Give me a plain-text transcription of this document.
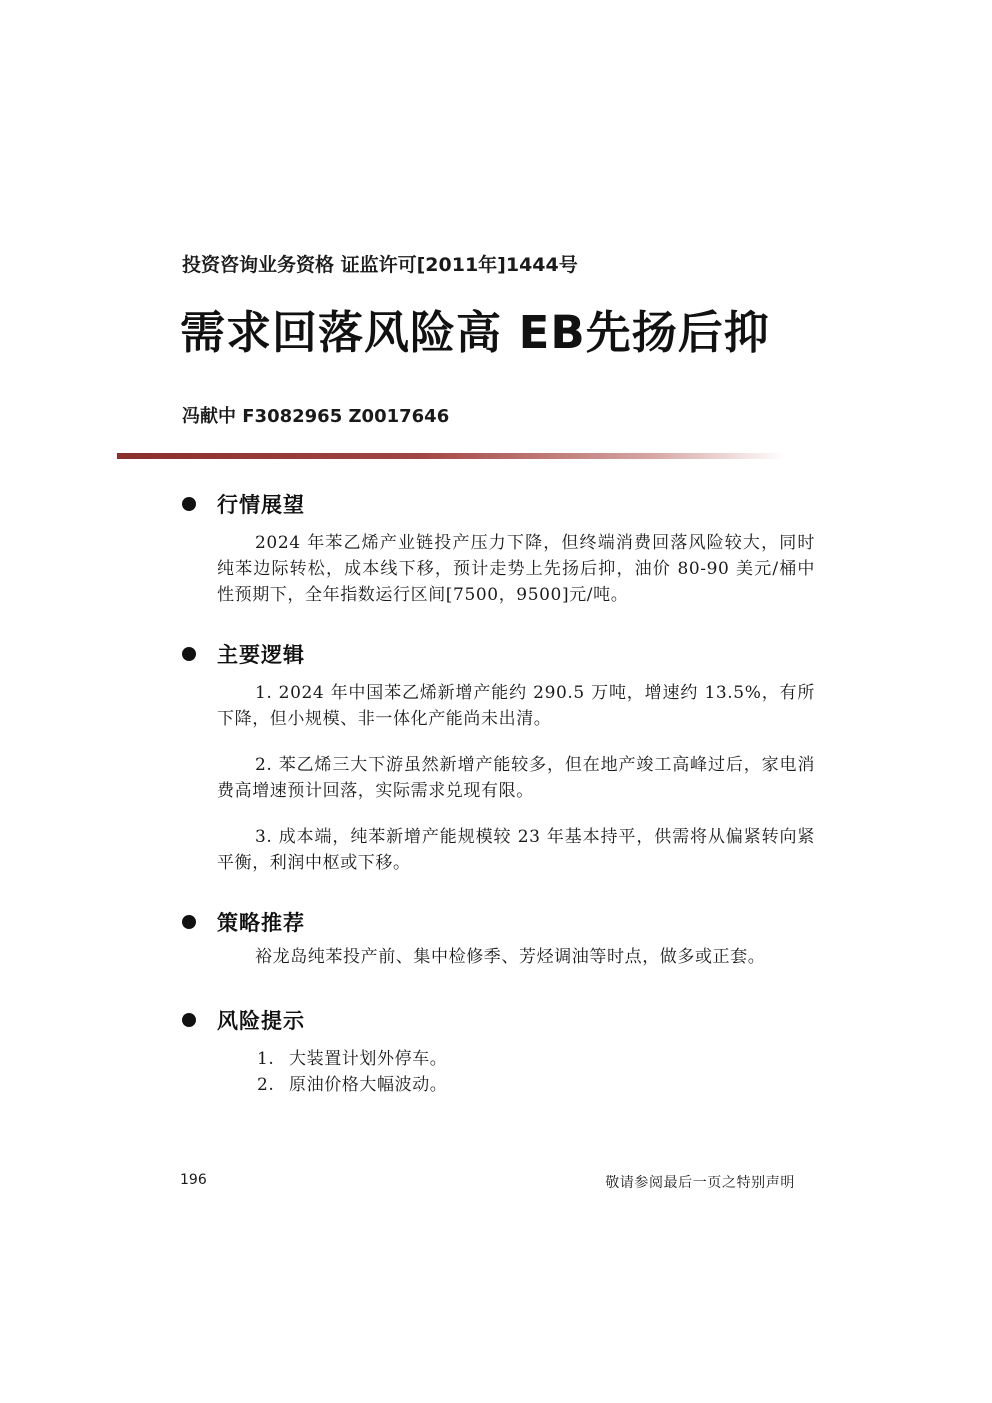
投资咨询业务资格 证监许可[2011年]1444号
需求回落风险高 EB先扬后抑
冯献中 F3082965 Z0017646
行情展望

2024 年苯乙烯产业链投产压力下降，但终端消费回落风险较大，同时纯苯边际转松，成本线下移，预计走势上先扬后抑，油价 80-90 美元/桶中性预期下，全年指数运行区间[7500，9500]元/吨。

主要逻辑

1. 2024 年中国苯乙烯新增产能约 290.5 万吨，增速约 13.5%，有所下降，但小规模、非一体化产能尚未出清。

2. 苯乙烯三大下游虽然新增产能较多，但在地产竣工高峰过后，家电消费高增速预计回落，实际需求兑现有限。

3. 成本端，纯苯新增产能规模较 23 年基本持平，供需将从偏紧转向紧平衡，利润中枢或下移。

策略推荐

裕龙岛纯苯投产前、集中检修季、芳烃调油等时点，做多或正套。

风险提示
1. 大装置计划外停车。
2. 原油价格大幅波动。
196	敬请参阅最后一页之特别声明
